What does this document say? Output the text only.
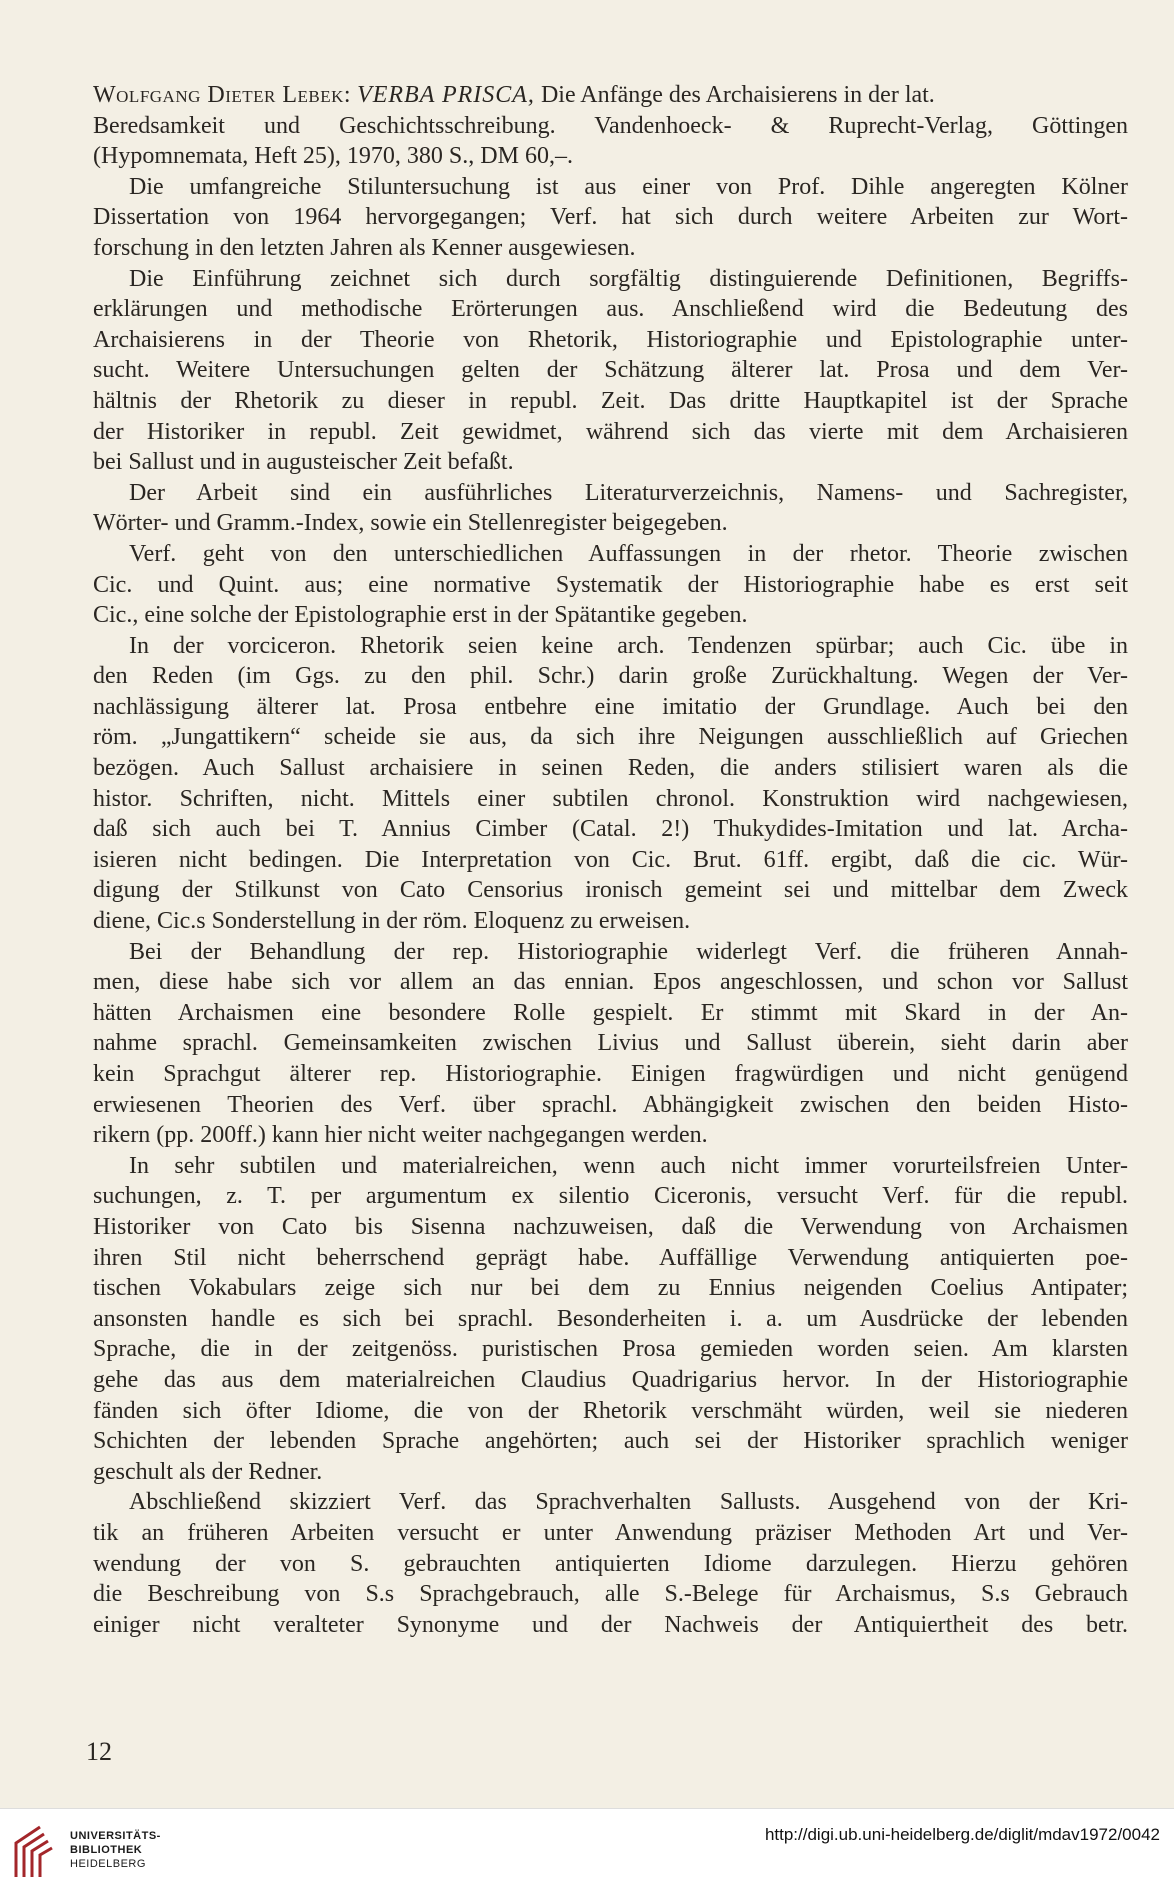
Wolfgang Dieter Lebek: VERBA PRISCA, Die Anfänge des Archaisierens in der lat.

Beredsamkeit und Geschichtsschreibung. Vandenhoeck- & Ruprecht-Verlag, Göttingen

(Hypomnemata, Heft 25), 1970, 380 S., DM 60,–.

Die umfangreiche Stiluntersuchung ist aus einer von Prof. Dihle angeregten Kölner

Dissertation von 1964 hervorgegangen; Verf. hat sich durch weitere Arbeiten zur Wort-

forschung in den letzten Jahren als Kenner ausgewiesen.

Die Einführung zeichnet sich durch sorgfältig distinguierende Definitionen, Begriffs-

erklärungen und methodische Erörterungen aus. Anschließend wird die Bedeutung des

Archaisierens in der Theorie von Rhetorik, Historiographie und Epistolographie unter-

sucht. Weitere Untersuchungen gelten der Schätzung älterer lat. Prosa und dem Ver-

hältnis der Rhetorik zu dieser in republ. Zeit. Das dritte Hauptkapitel ist der Sprache

der Historiker in republ. Zeit gewidmet, während sich das vierte mit dem Archaisieren

bei Sallust und in augusteischer Zeit befaßt.

Der Arbeit sind ein ausführliches Literaturverzeichnis, Namens- und Sachregister,

Wörter- und Gramm.-Index, sowie ein Stellenregister beigegeben.

Verf. geht von den unterschiedlichen Auffassungen in der rhetor. Theorie zwischen

Cic. und Quint. aus; eine normative Systematik der Historiographie habe es erst seit

Cic., eine solche der Epistolographie erst in der Spätantike gegeben.

In der vorciceron. Rhetorik seien keine arch. Tendenzen spürbar; auch Cic. übe in

den Reden (im Ggs. zu den phil. Schr.) darin große Zurückhaltung. Wegen der Ver-

nachlässigung älterer lat. Prosa entbehre eine imitatio der Grundlage. Auch bei den

röm. „Jungattikern“ scheide sie aus, da sich ihre Neigungen ausschließlich auf Griechen

bezögen. Auch Sallust archaisiere in seinen Reden, die anders stilisiert waren als die

histor. Schriften, nicht. Mittels einer subtilen chronol. Konstruktion wird nachgewiesen,

daß sich auch bei T. Annius Cimber (Catal. 2!) Thukydides-Imitation und lat. Archa-

isieren nicht bedingen. Die Interpretation von Cic. Brut. 61ff. ergibt, daß die cic. Wür-

digung der Stilkunst von Cato Censorius ironisch gemeint sei und mittelbar dem Zweck

diene, Cic.s Sonderstellung in der röm. Eloquenz zu erweisen.

Bei der Behandlung der rep. Historiographie widerlegt Verf. die früheren Annah-

men, diese habe sich vor allem an das ennian. Epos angeschlossen, und schon vor Sallust

hätten Archaismen eine besondere Rolle gespielt. Er stimmt mit Skard in der An-

nahme sprachl. Gemeinsamkeiten zwischen Livius und Sallust überein, sieht darin aber

kein Sprachgut älterer rep. Historiographie. Einigen fragwürdigen und nicht genügend

erwiesenen Theorien des Verf. über sprachl. Abhängigkeit zwischen den beiden Histo-

rikern (pp. 200ff.) kann hier nicht weiter nachgegangen werden.

In sehr subtilen und materialreichen, wenn auch nicht immer vorurteilsfreien Unter-

suchungen, z. T. per argumentum ex silentio Ciceronis, versucht Verf. für die republ.

Historiker von Cato bis Sisenna nachzuweisen, daß die Verwendung von Archaismen

ihren Stil nicht beherrschend geprägt habe. Auffällige Verwendung antiquierten poe-

tischen Vokabulars zeige sich nur bei dem zu Ennius neigenden Coelius Antipater;

ansonsten handle es sich bei sprachl. Besonderheiten i. a. um Ausdrücke der lebenden

Sprache, die in der zeitgenöss. puristischen Prosa gemieden worden seien. Am klarsten

gehe das aus dem materialreichen Claudius Quadrigarius hervor. In der Historiographie

fänden sich öfter Idiome, die von der Rhetorik verschmäht würden, weil sie niederen

Schichten der lebenden Sprache angehörten; auch sei der Historiker sprachlich weniger

geschult als der Redner.

Abschließend skizziert Verf. das Sprachverhalten Sallusts. Ausgehend von der Kri-

tik an früheren Arbeiten versucht er unter Anwendung präziser Methoden Art und Ver-

wendung der von S. gebrauchten antiquierten Idiome darzulegen. Hierzu gehören

die Beschreibung von S.s Sprachgebrauch, alle S.-Belege für Archaismus, S.s Gebrauch

einiger nicht veralteter Synonyme und der Nachweis der Antiquiertheit des betr.

12
UNIVERSITÄTS-
BIBLIOTHEK
HEIDELBERG
http://digi.ub.uni-heidelberg.de/diglit/mdav1972/0042
